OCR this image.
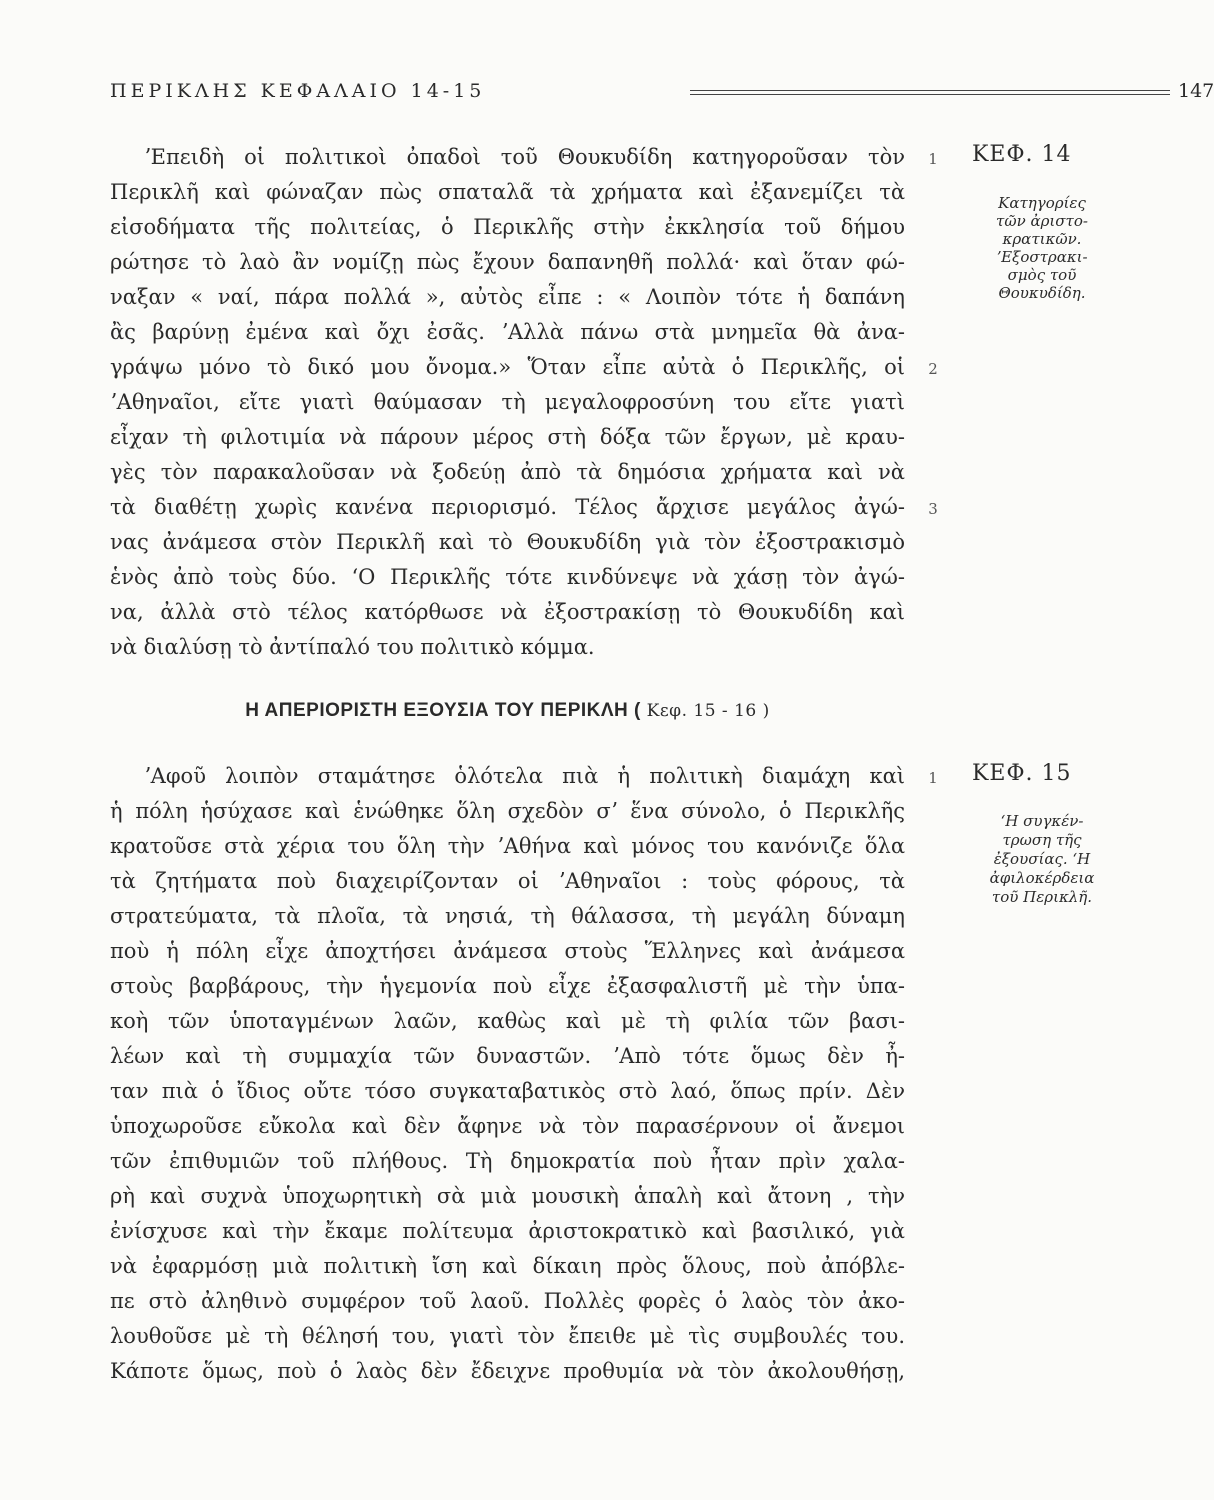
ΠΕΡΙΚΛΗΣ ΚΕΦΑΛΑΙΟ 14-15	147
ʼΕπειδὴ οἱ πολιτικοὶ ὀπαδοὶ τοῦ Θουκυδίδη κατηγοροῦσαν τὸν
Περικλῆ καὶ φώναζαν πὼς σπαταλᾶ τὰ χρήματα καὶ ἐξανεμίζει τὰ
εἰσοδήματα τῆς πολιτείας, ὁ Περικλῆς στὴν ἐκκλησία τοῦ δήμου
ρώτησε τὸ λαὸ ἂν νομίζῃ πὼς ἔχουν δαπανηθῆ πολλά· καὶ ὅταν φώ-
ναξαν « ναί, πάρα πολλά », αὐτὸς εἶπε : « Λοιπὸν τότε ἡ δαπάνη
ἂς βαρύνῃ ἐμένα καὶ ὄχι ἐσᾶς. ʼΑλλὰ πάνω στὰ μνημεῖα θὰ ἀνα-
γράψω μόνο τὸ δικό μου ὄνομα.» Ὅταν εἶπε αὐτὰ ὁ Περικλῆς, οἱ
ʼΑθηναῖοι, εἴτε γιατὶ θαύμασαν τὴ μεγαλοφροσύνη του εἴτε γιατὶ
εἶχαν τὴ φιλοτιμία νὰ πάρουν μέρος στὴ δόξα τῶν ἔργων, μὲ κραυ-
γὲς τὸν παρακαλοῦσαν νὰ ξοδεύῃ ἀπὸ τὰ δημόσια χρήματα καὶ νὰ
τὰ διαθέτῃ χωρὶς κανένα περιορισμό. Τέλος ἄρχισε μεγάλος ἀγώ-
νας ἀνάμεσα στὸν Περικλῆ καὶ τὸ Θουκυδίδη γιὰ τὸν ἐξοστρακισμὸ
ἑνὸς ἀπὸ τοὺς δύο. ʻΟ Περικλῆς τότε κινδύνεψε νὰ χάσῃ τὸν ἀγώ-
να, ἀλλὰ στὸ τέλος κατόρθωσε νὰ ἐξοστρακίσῃ τὸ Θουκυδίδη καὶ
νὰ διαλύσῃ τὸ ἀντίπαλό του πολιτικὸ κόμμα.
1
2
3
ΚΕΦ. 14
Κατηγορίες
τῶν ἀριστο-
κρατικῶν.
ʼΕξοστρακι-
σμὸς τοῦ
Θουκυδίδη.
Η ΑΠΕΡΙΟΡΙΣΤΗ ΕΞΟΥΣΙΑ ΤΟΥ ΠΕΡΙΚΛΗ ( Κεφ. 15 - 16 )
ʼΑφοῦ λοιπὸν σταμάτησε ὁλότελα πιὰ ἡ πολιτικὴ διαμάχη καὶ
ἡ πόλη ἡσύχασε καὶ ἑνώθηκε ὅλη σχεδὸν σʼ ἕνα σύνολο, ὁ Περικλῆς
κρατοῦσε στὰ χέρια του ὅλη τὴν ʼΑθήνα καὶ μόνος του κανόνιζε ὅλα
τὰ ζητήματα ποὺ διαχειρίζονταν οἱ ʼΑθηναῖοι : τοὺς φόρους, τὰ
στρατεύματα, τὰ πλοῖα, τὰ νησιά, τὴ θάλασσα, τὴ μεγάλη δύναμη
ποὺ ἡ πόλη εἶχε ἀποχτήσει ἀνάμεσα στοὺς Ἕλληνες καὶ ἀνάμεσα
στοὺς βαρβάρους, τὴν ἡγεμονία ποὺ εἶχε ἐξασφαλιστῆ μὲ τὴν ὑπα-
κοὴ τῶν ὑποταγμένων λαῶν, καθὼς καὶ μὲ τὴ φιλία τῶν βασι-
λέων καὶ τὴ συμμαχία τῶν δυναστῶν. ʼΑπὸ τότε ὅμως δὲν ἦ-
ταν πιὰ ὁ ἴδιος οὔτε τόσο συγκαταβατικὸς στὸ λαό, ὅπως πρίν. Δὲν
ὑποχωροῦσε εὔκολα καὶ δὲν ἄφηνε νὰ τὸν παρασέρνουν οἱ ἄνεμοι
τῶν ἐπιθυμιῶν τοῦ πλήθους. Τὴ δημοκρατία ποὺ ἦταν πρὶν χαλα-
ρὴ καὶ συχνὰ ὑποχωρητικὴ σὰ μιὰ μουσικὴ ἁπαλὴ καὶ ἄτονη , τὴν
ἐνίσχυσε καὶ τὴν ἔκαμε πολίτευμα ἀριστοκρατικὸ καὶ βασιλικό, γιὰ
νὰ ἐφαρμόσῃ μιὰ πολιτικὴ ἴση καὶ δίκαιη πρὸς ὅλους, ποὺ ἀπόβλε-
πε στὸ ἀληθινὸ συμφέρον τοῦ λαοῦ. Πολλὲς φορὲς ὁ λαὸς τὸν ἀκο-
λουθοῦσε μὲ τὴ θέλησή του, γιατὶ τὸν ἔπειθε μὲ τὶς συμβουλές του.
Κάποτε ὅμως, ποὺ ὁ λαὸς δὲν ἔδειχνε προθυμία νὰ τὸν ἀκολουθήσῃ,
1 ΚΕΦ. 15
ʻΗ συγκέν-
τρωση τῆς
ἐξουσίας. ʻΗ
ἀφιλοκέρδεια
τοῦ Περικλῆ.
